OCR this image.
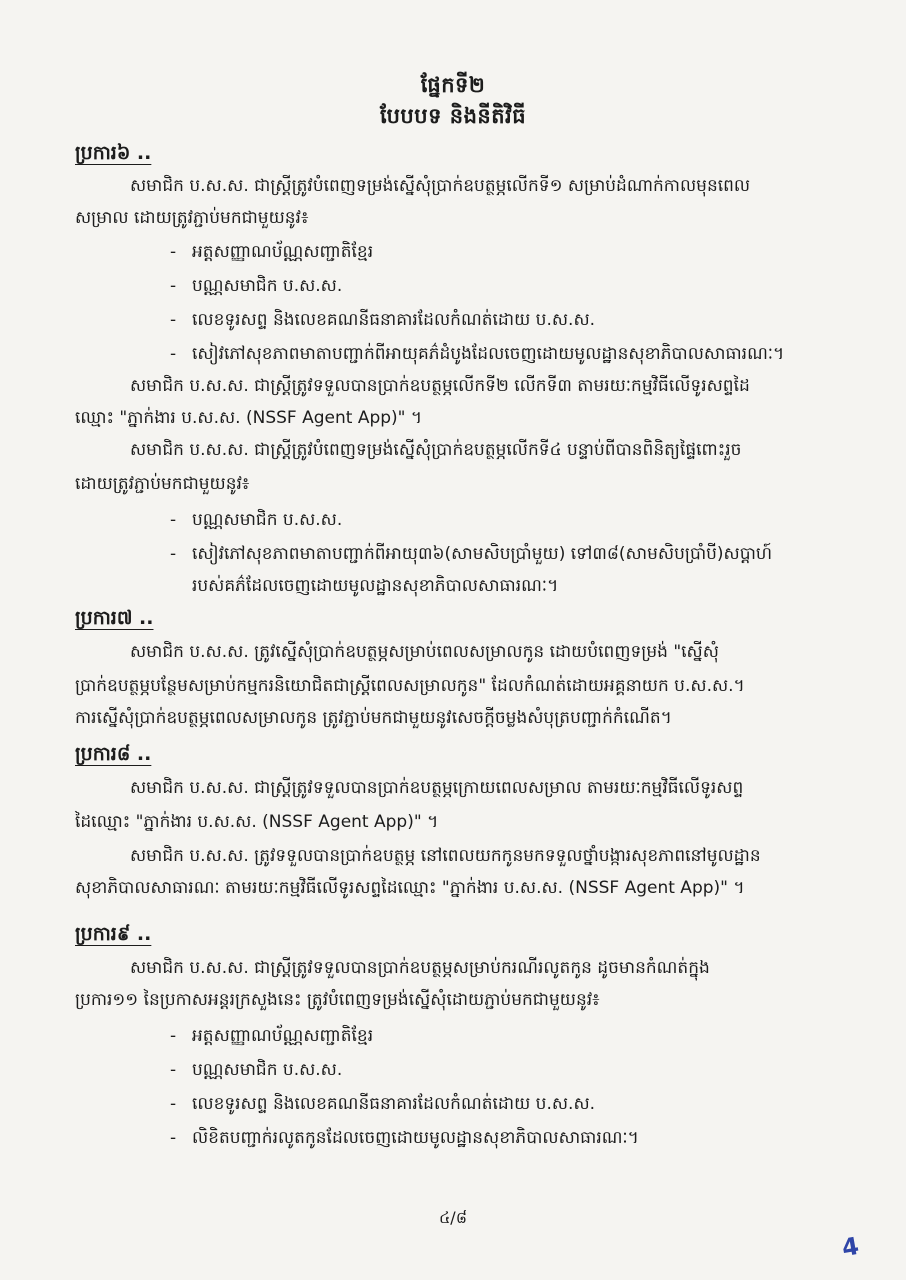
ផ្នែកទី២
បែបបទ និងនីតិវិធី
ប្រការ៦ ..
សមាជិក ប.ស.ស. ជាស្ត្រីត្រូវបំពេញទម្រង់ស្នើសុំប្រាក់ឧបត្ថម្ភលើកទី១ សម្រាប់ដំណាក់កាលមុនពេល
សម្រាល ដោយត្រូវភ្ជាប់មកជាមួយនូវ៖
- អត្តសញ្ញាណប័ណ្ណសញ្ជាតិខ្មែរ
- បណ្ណសមាជិក ប.ស.ស.
- លេខទូរសព្ទ និងលេខគណនីធនាគារដែលកំណត់ដោយ ប.ស.ស.
- សៀវភៅសុខភាពមាតាបញ្ជាក់ពីអាយុគភ៌ដំបូងដែលចេញដោយមូលដ្ឋានសុខាភិបាលសាធារណៈ។
សមាជិក ប.ស.ស. ជាស្ត្រីត្រូវទទួលបានប្រាក់ឧបត្ថម្ភលើកទី២ លើកទី៣ តាមរយៈកម្មវិធីលើទូរសព្ទដៃ
ឈ្មោះ "ភ្នាក់ងារ ប.ស.ស. (NSSF Agent App)" ។
សមាជិក ប.ស.ស. ជាស្ត្រីត្រូវបំពេញទម្រង់ស្នើសុំប្រាក់ឧបត្ថម្ភលើកទី៤ បន្ទាប់ពីបានពិនិត្យផ្ទៃពោះរួច
ដោយត្រូវភ្ជាប់មកជាមួយនូវ៖
- បណ្ណសមាជិក ប.ស.ស.
- សៀវភៅសុខភាពមាតាបញ្ជាក់ពីអាយុ៣៦(សាមសិបប្រាំមួយ) ទៅ៣៨(សាមសិបប្រាំបី)សប្តាហ៍
របស់គភ៌ដែលចេញដោយមូលដ្ឋានសុខាភិបាលសាធារណៈ។
ប្រការ៧ ..
សមាជិក ប.ស.ស. ត្រូវស្នើសុំប្រាក់ឧបត្ថម្ភសម្រាប់ពេលសម្រាលកូន ដោយបំពេញទម្រង់ "ស្នើសុំ
ប្រាក់ឧបត្ថម្ភបន្ថែមសម្រាប់កម្មករនិយោជិតជាស្ត្រីពេលសម្រាលកូន" ដែលកំណត់ដោយអគ្គនាយក ប.ស.ស.។
ការស្នើសុំប្រាក់ឧបត្ថម្ភពេលសម្រាលកូន ត្រូវភ្ជាប់មកជាមួយនូវសេចក្តីចម្លងសំបុត្របញ្ជាក់កំណើត។
ប្រការ៨ ..
សមាជិក ប.ស.ស. ជាស្ត្រីត្រូវទទួលបានប្រាក់ឧបត្ថម្ភក្រោយពេលសម្រាល តាមរយៈកម្មវិធីលើទូរសព្ទ
ដៃឈ្មោះ "ភ្នាក់ងារ ប.ស.ស. (NSSF Agent App)" ។
សមាជិក ប.ស.ស. ត្រូវទទួលបានប្រាក់ឧបត្ថម្ភ នៅពេលយកកូនមកទទួលថ្នាំបង្ការសុខភាពនៅមូលដ្ឋាន
សុខាភិបាលសាធារណៈ តាមរយៈកម្មវិធីលើទូរសព្ទដៃឈ្មោះ "ភ្នាក់ងារ ប.ស.ស. (NSSF Agent App)" ។
ប្រការ៩ ..
សមាជិក ប.ស.ស. ជាស្ត្រីត្រូវទទួលបានប្រាក់ឧបត្ថម្ភសម្រាប់ករណីរលូតកូន ដូចមានកំណត់ក្នុង
ប្រការ១១ នៃប្រកាសអន្តរក្រសួងនេះ ត្រូវបំពេញទម្រង់ស្នើសុំដោយភ្ជាប់មកជាមួយនូវ៖
- អត្តសញ្ញាណប័ណ្ណសញ្ជាតិខ្មែរ
- បណ្ណសមាជិក ប.ស.ស.
- លេខទូរសព្ទ និងលេខគណនីធនាគារដែលកំណត់ដោយ ប.ស.ស.
- លិខិតបញ្ជាក់រលូតកូនដែលចេញដោយមូលដ្ឋានសុខាភិបាលសាធារណៈ។
៤/៨
4
